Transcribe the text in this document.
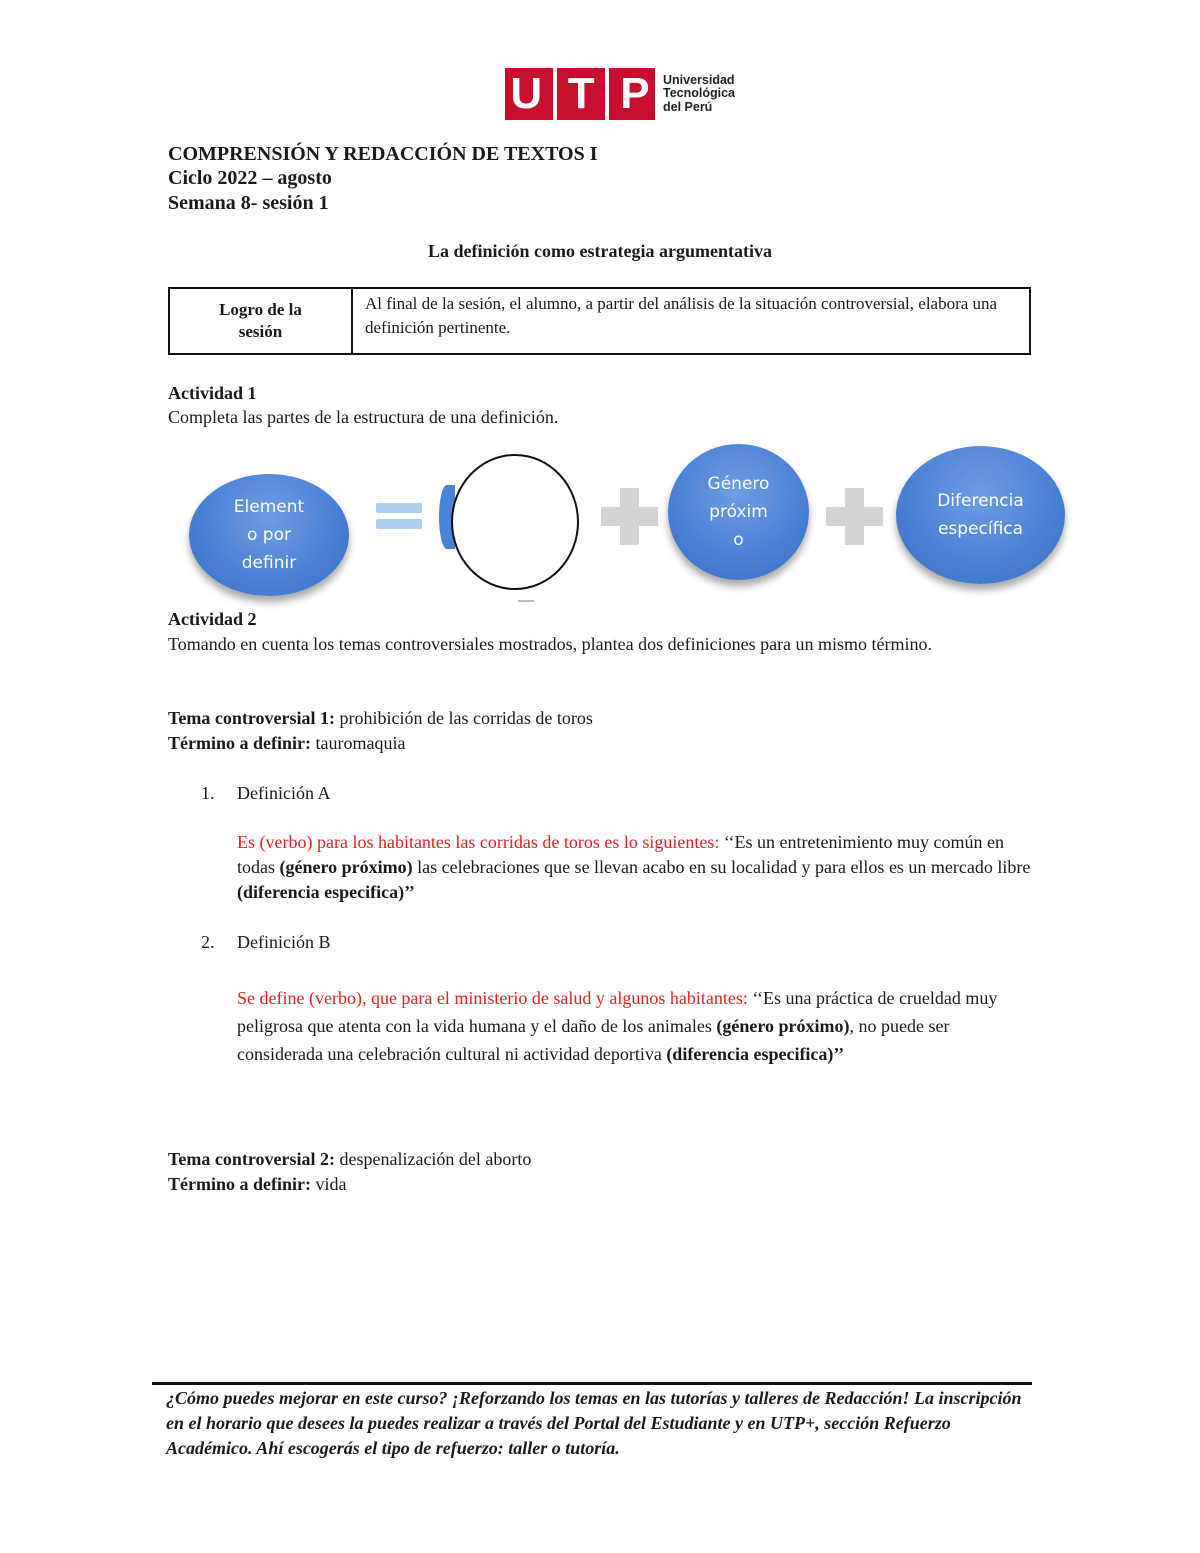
U T P Universidad
Tecnológica
del Perú
COMPRENSIÓN Y REDACCIÓN DE TEXTOS I
Ciclo 2022 – agosto
Semana 8- sesión 1
La definición como estrategia argumentativa
Logro de la sesión
Al final de la sesión, el alumno, a partir del análisis de la situación controversial, elabora una definición pertinente.
Actividad 1
Completa las partes de la estructura de una definición.
Element
o por
definir
Género
próxim
o
Diferencia
específica
Actividad 2
Tomando en cuenta los temas controversiales mostrados, plantea dos definiciones para un mismo término.
Tema controversial 1: prohibición de las corridas de toros
Término a definir: tauromaquia
1. Definición A
Es (verbo) para los habitantes las corridas de toros es lo siguientes: ‘‘Es un entretenimiento muy común en todas (género próximo) las celebraciones que se llevan acabo en su localidad y para ellos es un mercado libre (diferencia especifica)’’
2. Definición B
Se define (verbo), que para el ministerio de salud y algunos habitantes: ‘‘Es una práctica de crueldad muy peligrosa que atenta con la vida humana y el daño de los animales (género próximo), no puede ser considerada una celebración cultural ni actividad deportiva (diferencia especifica)’’
Tema controversial 2: despenalización del aborto
Término a definir: vida
¿Cómo puedes mejorar en este curso? ¡Reforzando los temas en las tutorías y talleres de Redacción! La inscripción en el horario que desees la puedes realizar a través del Portal del Estudiante y en UTP+, sección Refuerzo Académico. Ahí escogerás el tipo de refuerzo: taller o tutoría.
